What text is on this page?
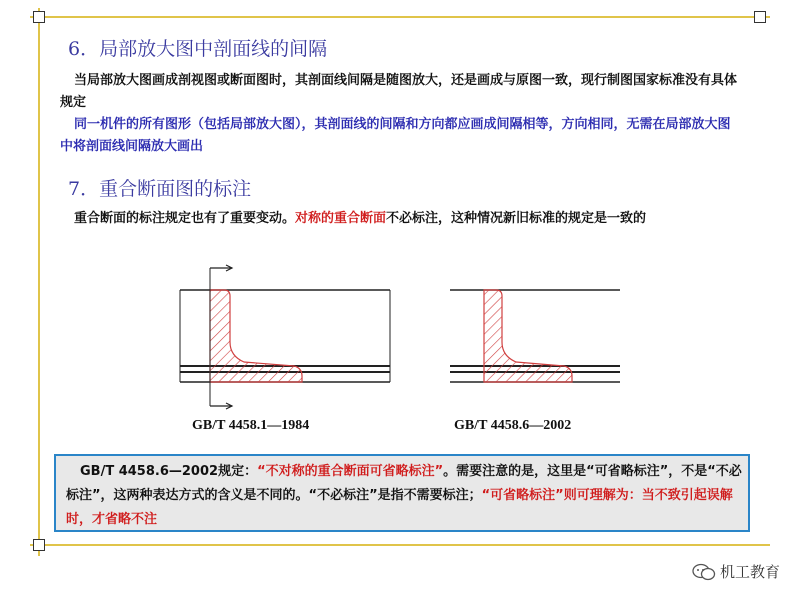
6．局部放大图中剖面线的间隔
当局部放大图画成剖视图或断面图时，其剖面线间隔是随图放大，还是画成与原图一致，现行制图国家标准没有具体规定
同一机件的所有图形（包括局部放大图），其剖面线的间隔和方向都应画成间隔相等，方向相同，无需在局部放大图中将剖面线间隔放大画出
7．重合断面图的标注
重合断面的标注规定也有了重要变动。对称的重合断面不必标注，这种情况新旧标准的规定是一致的
GB/T 4458.1—1984	GB/T 4458.6—2002
GB/T 4458.6—2002规定：“不对称的重合断面可省略标注”。需要注意的是，这里是“可省略标注”，不是“不必标注”，这两种表达方式的含义是不同的。“不必标注”是指不需要标注；“可省略标注”则可理解为：当不致引起误解时，才省略不注
机工教育
